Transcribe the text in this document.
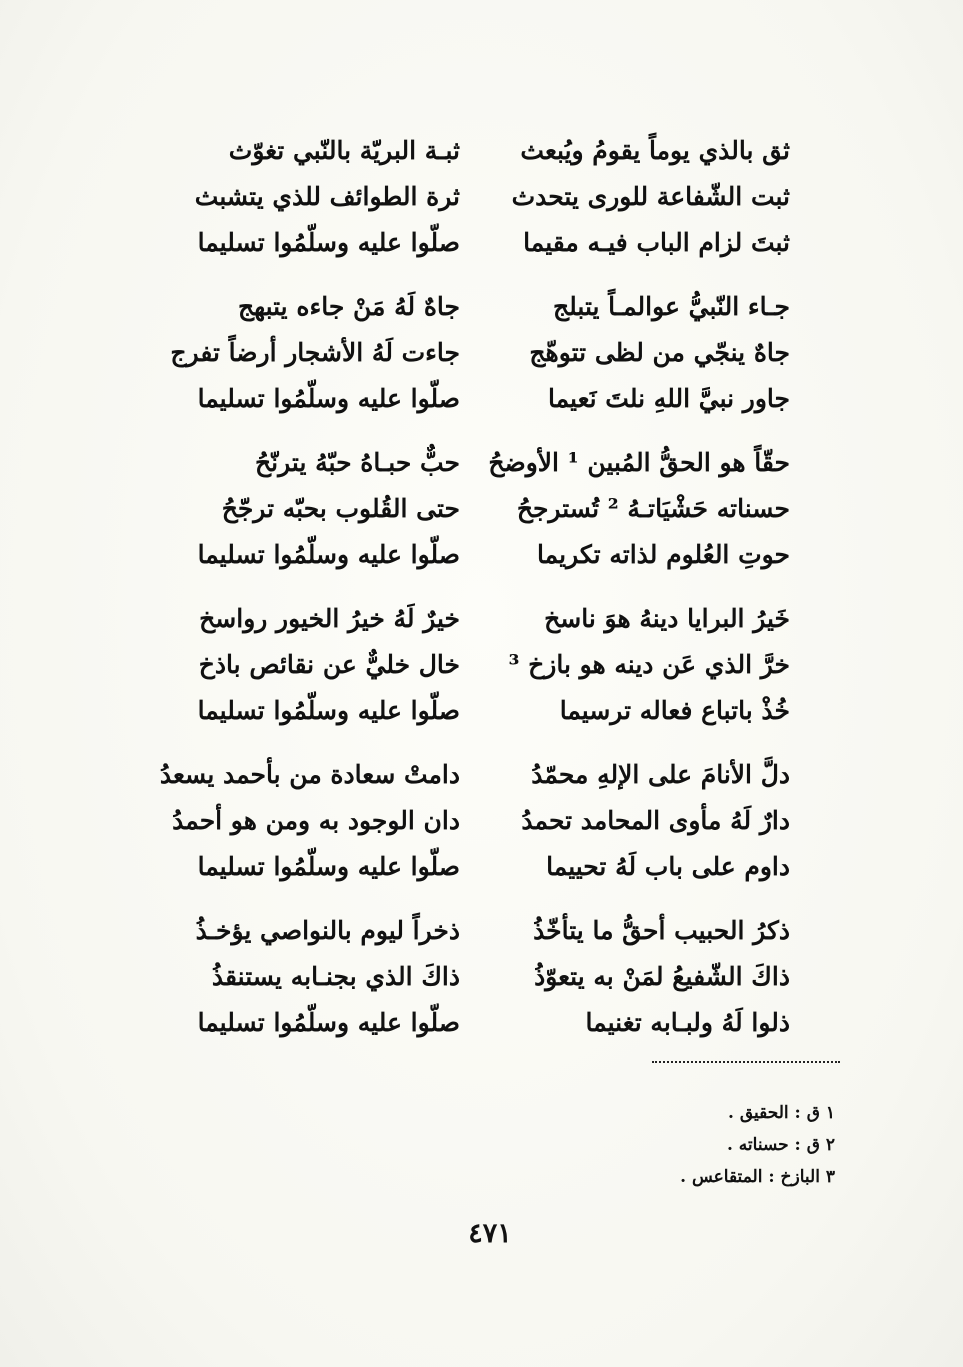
ثق بالذي يوماً يقومُ ويُبعث
ثبـة البريّة بالنّبي تغوّث
ثبت الشّفاعة للورى يتحدث
ثرة الطوائف للذي يتشبث
ثبتَ لزام الباب فيـه مقيما
صلّوا عليه وسلّمُوا تسليما
جـاء النّبيُّ عوالمـاً يتبلج
جاهٌ لَهُ مَنْ جاءه يتبهج
جاهٌ ينجّي من لظى تتوهّج
جاءت لَهُ الأشجار أرضاً تفرج
جاور نبيَّ اللهِ نلتَ نَعيما
صلّوا عليه وسلّمُوا تسليما
حقّاً هو الحقُّ المُبين ¹ الأوضحُ
حبٌّ حبـاهُ حبّهُ يترنّحُ
حسناته حَشْيَاتـهُ ² تُسترجحُ
حتى القُلوب بحبّه ترجّحُ
حوتِ العُلوم لذاته تكريما
صلّوا عليه وسلّمُوا تسليما
خَيرُ البرايا دينهُ هوَ ناسخ
خيرٌ لَهُ خيرُ الخيور رواسخ
خرَّ الذي عَن دينه هو بازخ ³
خال خليٌّ عن نقائص باذخ
خُذْ باتباع فعاله ترسيما
صلّوا عليه وسلّمُوا تسليما
دلَّ الأنامَ على الإلهِ محمّدُ
دامتْ سعادة من بأحمد يسعدُ
دارٌ لَهُ مأوى المحامد تحمدُ
دان الوجود به ومن هو أحمدُ
داوم على باب لَهُ تحييما
صلّوا عليه وسلّمُوا تسليما
ذكرُ الحبيب أحقُّ ما يتأخّذُ
ذخراً ليوم بالنواصي يؤخـذُ
ذاكَ الشّفيعُ لمَنْ به يتعوّذُ
ذاكَ الذي بجنـابه يستنقذُ
ذلوا لَهُ ولبـابه تغنيما
صلّوا عليه وسلّمُوا تسليما
١ ق : الحقيق .
٢ ق : حسناته .
٣ البازخ : المتقاعس .
٤٧١
